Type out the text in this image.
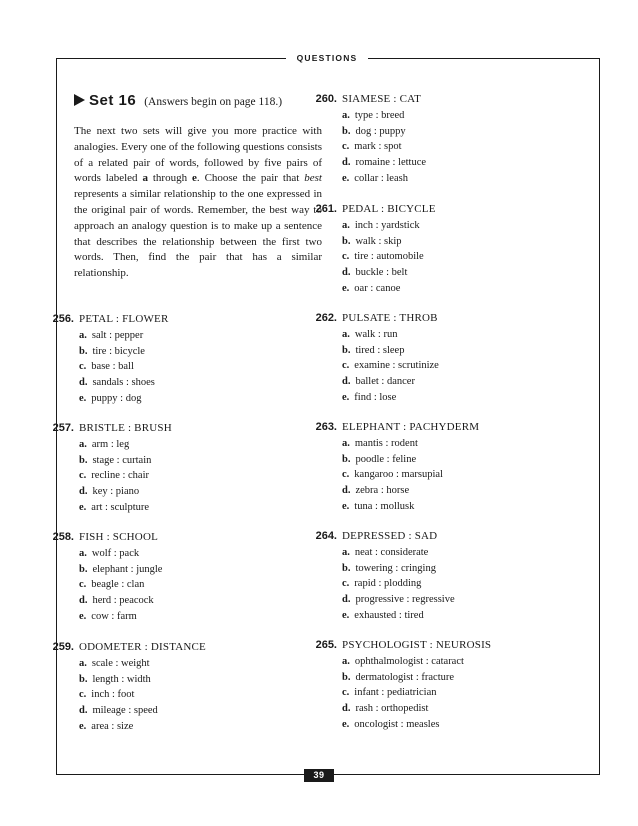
QUESTIONS
Set 16 (Answers begin on page 118.)
The next two sets will give you more practice with analogies. Every one of the following questions consists of a related pair of words, followed by five pairs of words labeled a through e. Choose the pair that best represents a similar relationship to the one expressed in the original pair of words. Remember, the best way to approach an analogy question is to make up a sentence that describes the relationship between the first two words. Then, find the pair that has a similar relationship.
256. PETAL : FLOWER
a. salt : pepper
b. tire : bicycle
c. base : ball
d. sandals : shoes
e. puppy : dog
257. BRISTLE : BRUSH
a. arm : leg
b. stage : curtain
c. recline : chair
d. key : piano
e. art : sculpture
258. FISH : SCHOOL
a. wolf : pack
b. elephant : jungle
c. beagle : clan
d. herd : peacock
e. cow : farm
259. ODOMETER : DISTANCE
a. scale : weight
b. length : width
c. inch : foot
d. mileage : speed
e. area : size
260. SIAMESE : CAT
a. type : breed
b. dog : puppy
c. mark : spot
d. romaine : lettuce
e. collar : leash
261. PEDAL : BICYCLE
a. inch : yardstick
b. walk : skip
c. tire : automobile
d. buckle : belt
e. oar : canoe
262. PULSATE : THROB
a. walk : run
b. tired : sleep
c. examine : scrutinize
d. ballet : dancer
e. find : lose
263. ELEPHANT : PACHYDERM
a. mantis : rodent
b. poodle : feline
c. kangaroo : marsupial
d. zebra : horse
e. tuna : mollusk
264. DEPRESSED : SAD
a. neat : considerate
b. towering : cringing
c. rapid : plodding
d. progressive : regressive
e. exhausted : tired
265. PSYCHOLOGIST : NEUROSIS
a. ophthalmologist : cataract
b. dermatologist : fracture
c. infant : pediatrician
d. rash : orthopedist
e. oncologist : measles
39
